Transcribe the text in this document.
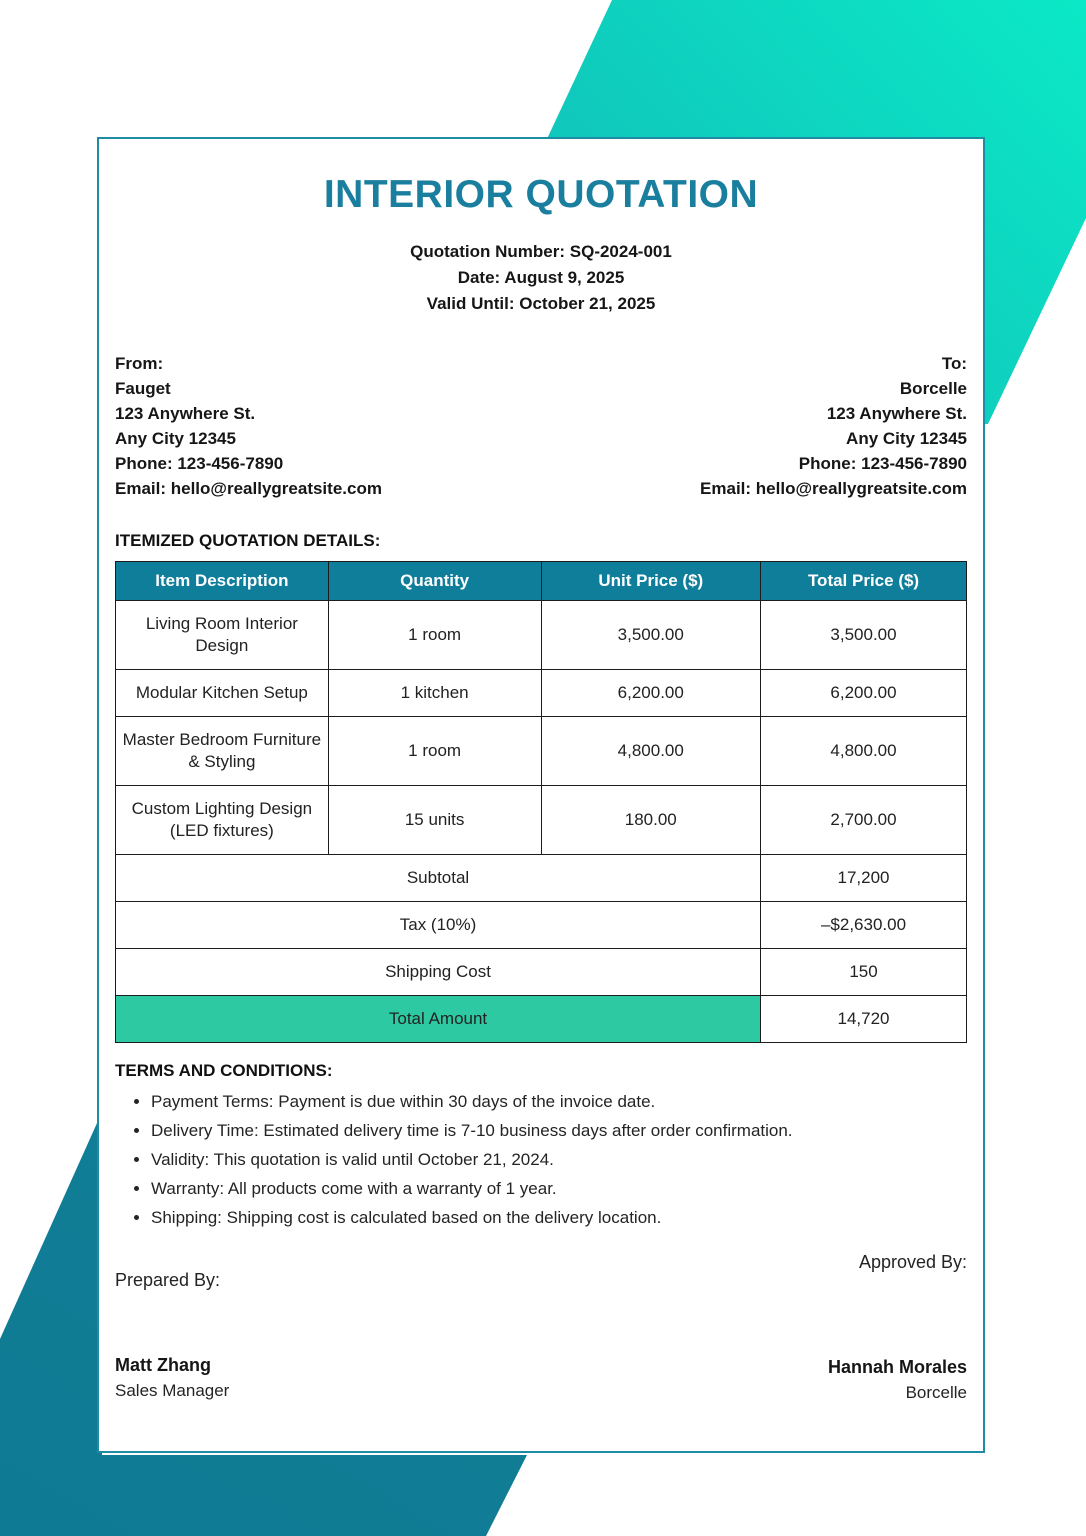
INTERIOR QUOTATION
Quotation Number: SQ-2024-001
Date: August 9, 2025
Valid Until: October 21, 2025
From:
Fauget
123 Anywhere St.
Any City 12345
Phone: 123-456-7890
Email: hello@reallygreatsite.com
To:
Borcelle
123 Anywhere St.
Any City 12345
Phone: 123-456-7890
Email: hello@reallygreatsite.com
ITEMIZED QUOTATION DETAILS:
Item Description	Quantity	Unit Price ($)	Total Price ($)
Living Room Interior Design	1 room	3,500.00	3,500.00
Modular Kitchen Setup	1 kitchen	6,200.00	6,200.00
Master Bedroom Furniture & Styling	1 room	4,800.00	4,800.00
Custom Lighting Design (LED fixtures)	15 units	180.00	2,700.00
Subtotal			17,200
Tax (10%)			–$2,630.00
Shipping Cost			150
Total Amount			14,720
TERMS AND CONDITIONS:
• Payment Terms: Payment is due within 30 days of the invoice date.
• Delivery Time: Estimated delivery time is 7-10 business days after order confirmation.
• Validity: This quotation is valid until October 21, 2024.
• Warranty: All products come with a warranty of 1 year.
• Shipping: Shipping cost is calculated based on the delivery location.
Prepared By:
Matt Zhang
Sales Manager
Approved By:
Hannah Morales
Borcelle
